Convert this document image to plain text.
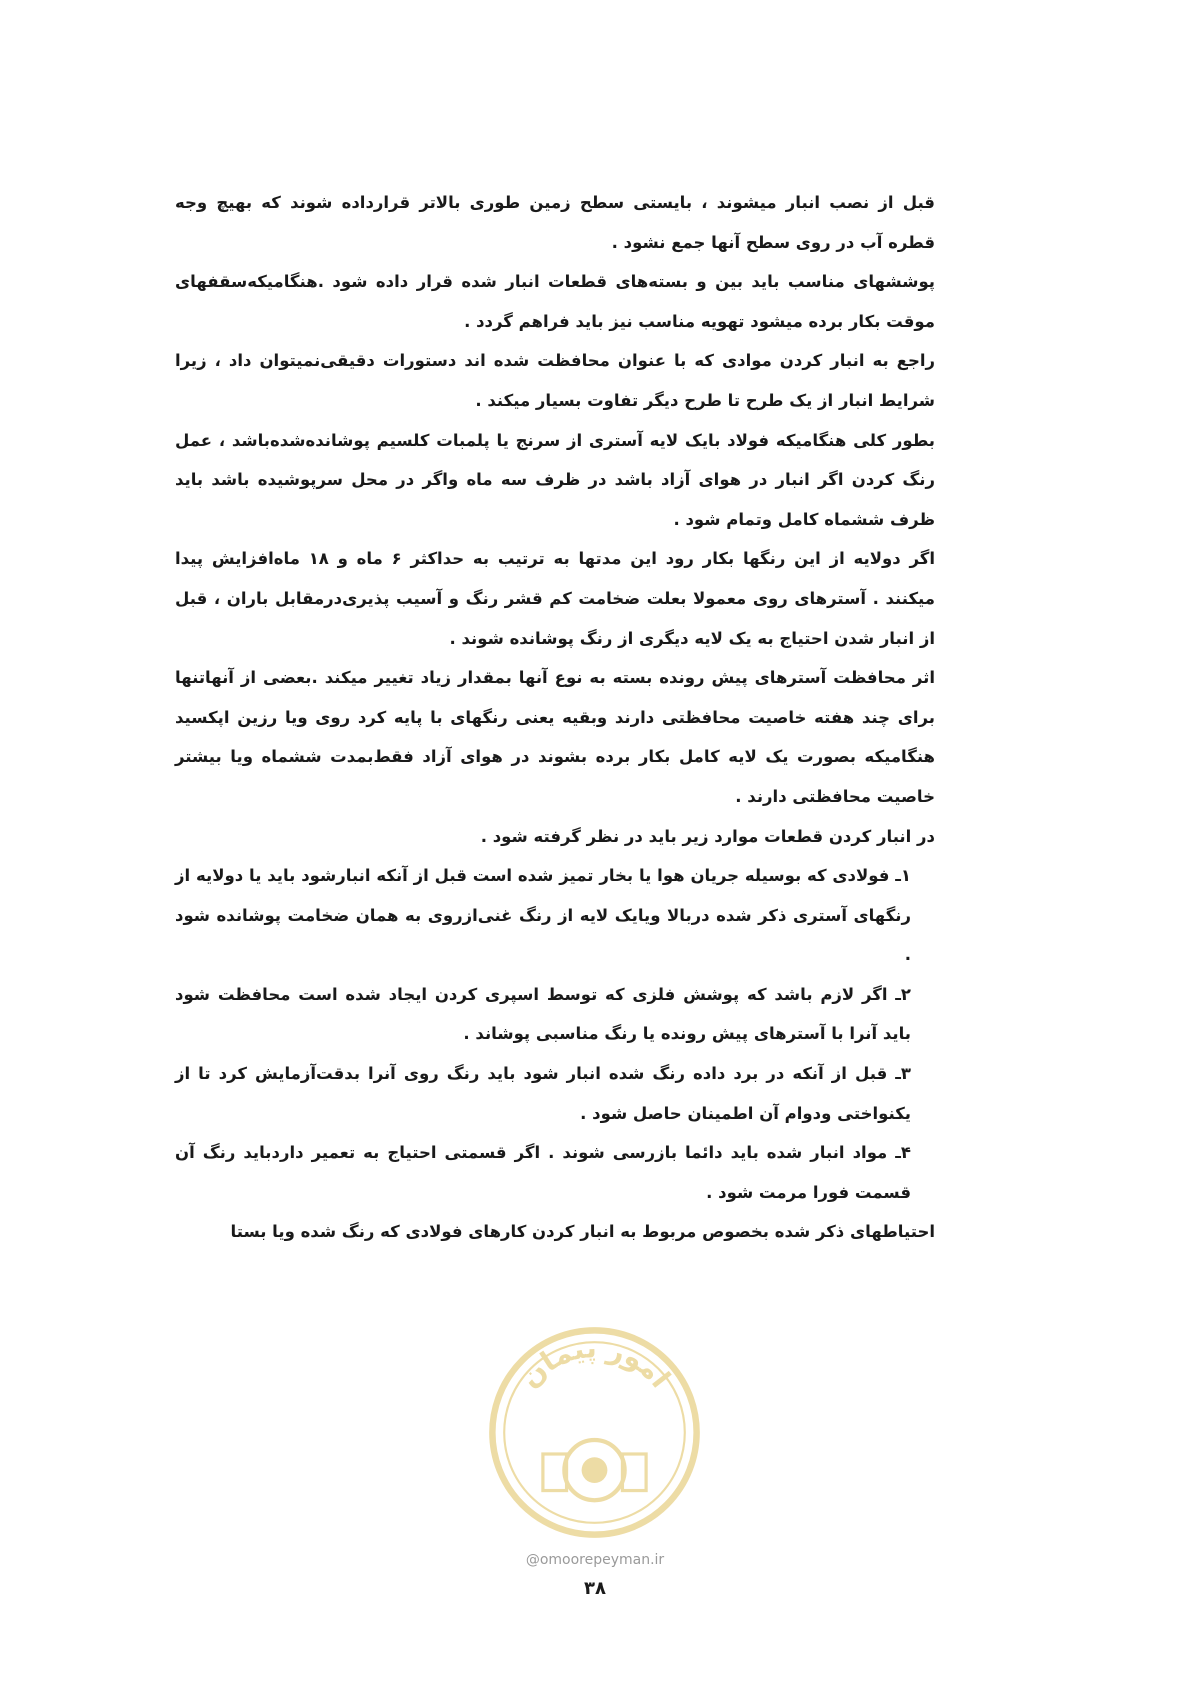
قبل از نصب انبار میشوند ، بایستی سطح زمین طوری بالاتر قرارداده شوند که بهیچ وجه قطره آب در روی سطح آنها جمع نشود .

پوششهای مناسب باید بین و بسته‌های قطعات انبار شده قرار داده شود .هنگامیکه‌سقفهای موقت بکار برده میشود تهویه مناسب نیز باید فراهم گردد .

راجع به انبار کردن موادی که با عنوان محافظت شده اند دستورات دقیقی‌نمیتوان داد ، زیرا شرایط انبار از یک طرح تا طرح دیگر تفاوت بسیار میکند .

بطور کلی هنگامیکه فولاد بایک لایه آستری از سرنج یا پلمبات کلسیم پوشانده‌شده‌باشد ، عمل رنگ کردن اگر انبار در هوای آزاد باشد در ظرف سه ماه واگر در محل سرپوشیده باشد باید ظرف ششماه کامل وتمام شود .

اگر دولایه از این رنگها بکار رود این مدتها به ترتیب به حداکثر ۶ ماه و ۱۸ ماه‌افزایش پیدا میکنند . آسترهای روی معمولا بعلت ضخامت کم قشر رنگ و آسیب پذیری‌درمقابل باران ، قبل از انبار شدن احتیاج به یک لایه دیگری از رنگ پوشانده شوند .

اثر محافظت آسترهای پیش رونده بسته به نوع آنها بمقدار زیاد تغییر میکند .بعضی از آنها‌تنها برای چند هفته خاصیت محافظتی دارند وبقیه یعنی رنگهای با پایه کرد روی ویا رزین اپکسید هنگامیکه بصورت یک لایه کامل بکار برده بشوند در هوای آزاد فقط‌بمدت ششماه ویا بیشتر خاصیت محافظتی دارند .

در انبار کردن قطعات موارد زیر باید در نظر گرفته شود .

۱ـ فولادی که بوسیله جریان هوا یا بخار تمیز شده است قبل از آنکه انبارشود باید یا دولایه از رنگهای آستری ذکر شده دربالا ویایک لایه از رنگ غنی‌ازروی به همان ضخامت پوشانده شود .

۲ـ اگر لازم باشد که پوشش فلزی که توسط اسپری کردن ایجاد شده است محافظت شود باید آنرا با آسترهای پیش رونده یا رنگ مناسبی پوشاند .

۳ـ قبل از آنکه در برد داده رنگ شده انبار شود باید رنگ روی آنرا بدقت‌آزمایش کرد تا از یکنواختی ودوام آن اطمینان حاصل شود .

۴ـ مواد انبار شده باید دائما بازرسی شوند . اگر قسمتی احتیاج به تعمیر داردباید رنگ آن قسمت فورا مرمت شود .

احتیاطهای ذکر شده بخصوص مربوط به انبار کردن کارهای فولادی که رنگ شده ویا بستا

امور پیمان
@omoorepeyman.ir
۳۸
